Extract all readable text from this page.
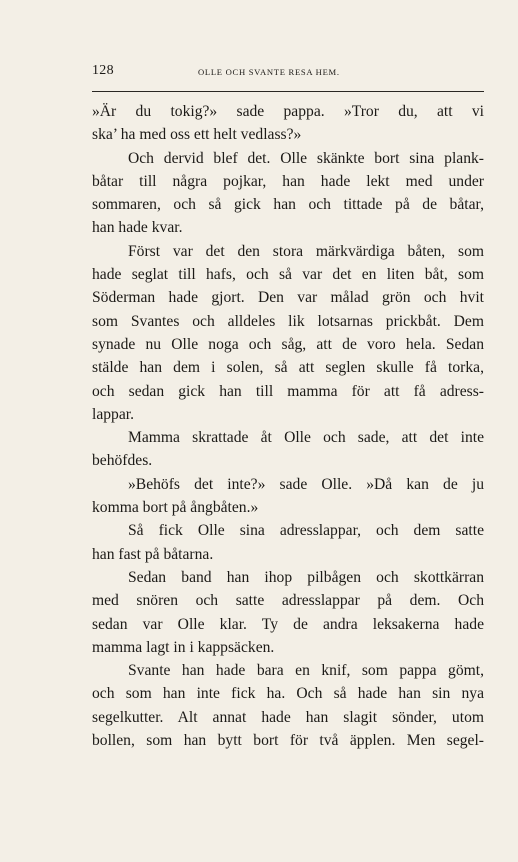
128	OLLE OCH SVANTE RESA HEM.
»Är du tokig?» sade pappa. »Tror du, att vi
ska’ ha med oss ett helt vedlass?»
Och dervid blef det. Olle skänkte bort sina plank-
båtar till några pojkar, han hade lekt med under
sommaren, och så gick han och tittade på de båtar,
han hade kvar.
Först var det den stora märkvärdiga båten, som
hade seglat till hafs, och så var det en liten båt, som
Söderman hade gjort. Den var målad grön och hvit
som Svantes och alldeles lik lotsarnas prickbåt. Dem
synade nu Olle noga och såg, att de voro hela. Sedan
stälde han dem i solen, så att seglen skulle få torka,
och sedan gick han till mamma för att få adress-
lappar.
Mamma skrattade åt Olle och sade, att det inte
behöfdes.
»Behöfs det inte?» sade Olle. »Då kan de ju
komma bort på ångbåten.»
Så fick Olle sina adresslappar, och dem satte
han fast på båtarna.
Sedan band han ihop pilbågen och skottkärran
med snören och satte adresslappar på dem. Och
sedan var Olle klar. Ty de andra leksakerna hade
mamma lagt in i kappsäcken.
Svante han hade bara en knif, som pappa gömt,
och som han inte fick ha. Och så hade han sin nya
segelkutter. Alt annat hade han slagit sönder, utom
bollen, som han bytt bort för två äpplen. Men segel-
